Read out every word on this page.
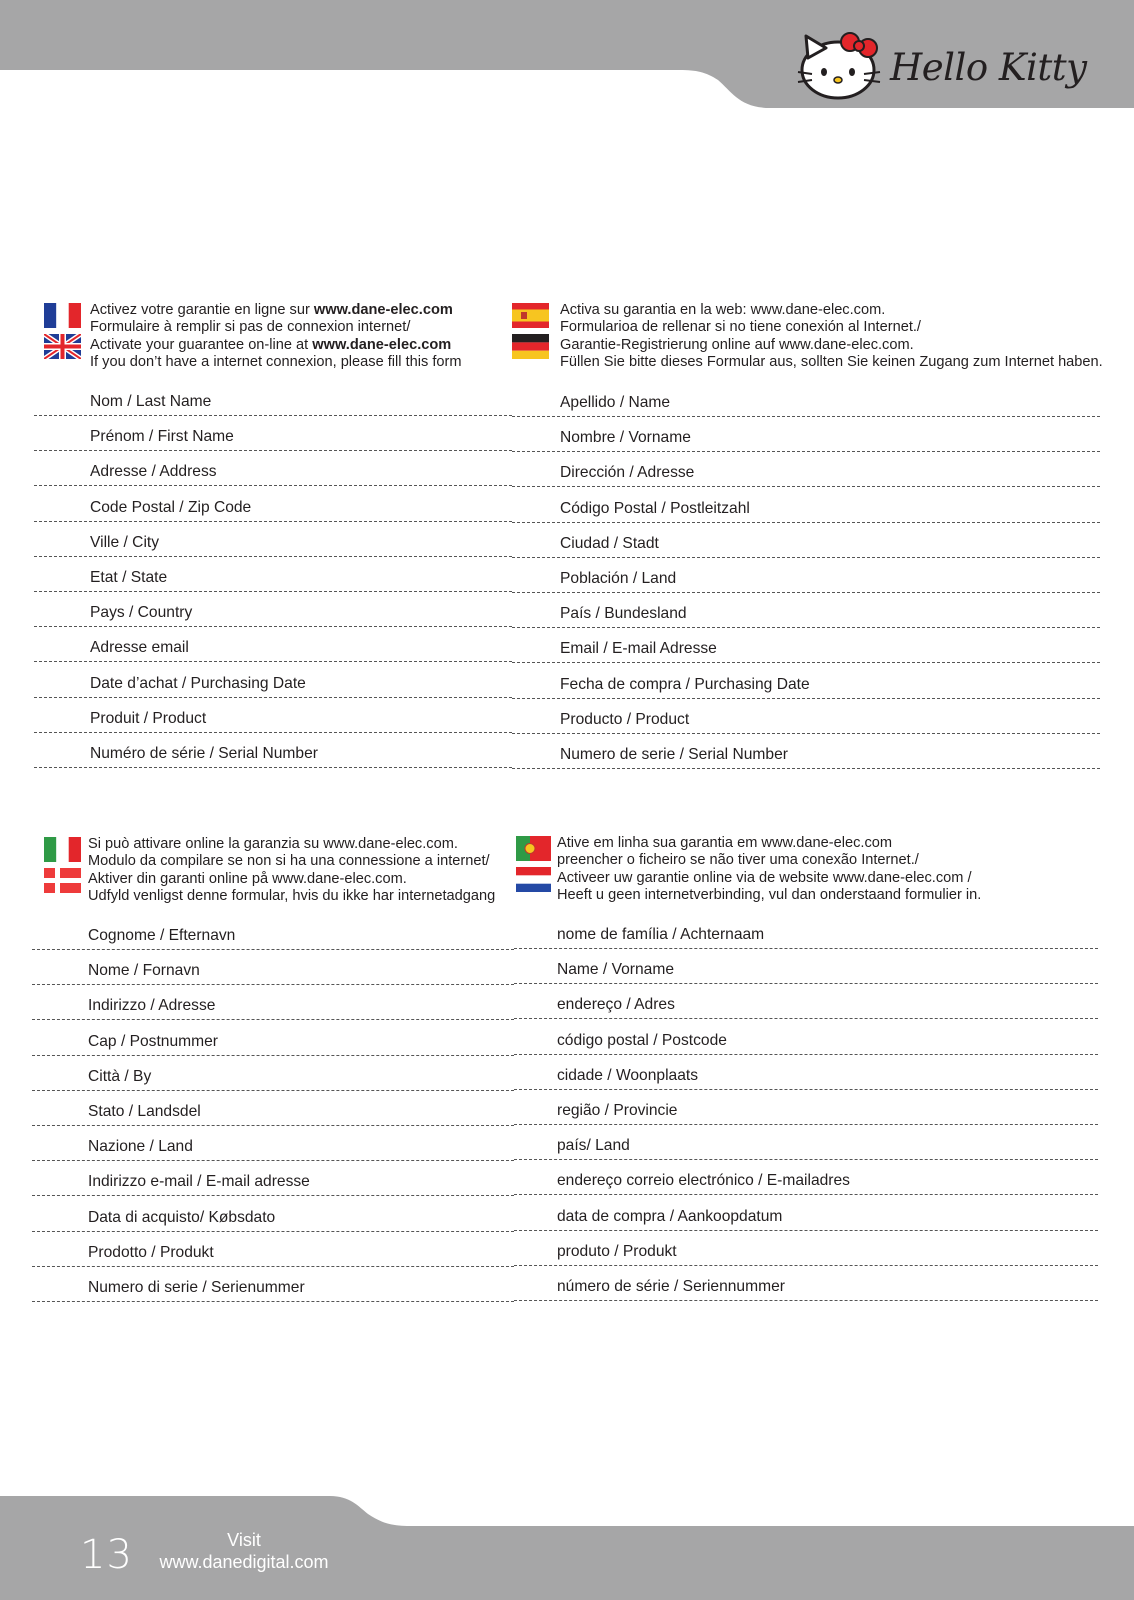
Hello Kitty
Activez votre garantie en ligne sur www.dane-elec.com
Formulaire à remplir si pas de connexion internet/
Activate your guarantee on-line at www.dane-elec.com
If you don’t have a internet connexion, please fill this form
Nom / Last Name
Prénom / First Name
Adresse / Address
Code Postal / Zip Code
Ville / City
Etat / State
Pays / Country
Adresse email
Date d’achat / Purchasing Date
Produit / Product
Numéro de série / Serial Number
Activa su garantia en la web: www.dane-elec.com.
Formularioa de rellenar si no tiene conexión al Internet./
Garantie-Registrierung online auf www.dane-elec.com.
Füllen Sie bitte dieses Formular aus, sollten Sie keinen Zugang zum Internet haben.
Apellido / Name
Nombre / Vorname
Dirección / Adresse
Código Postal / Postleitzahl
Ciudad / Stadt
Población / Land
País / Bundesland
Email / E-mail Adresse
Fecha de compra / Purchasing Date
Producto / Product
Numero de serie / Serial Number
Si può attivare online la garanzia su www.dane-elec.com.
Modulo da compilare se non si ha una connessione a internet/
Aktiver din garanti online på www.dane-elec.com.
Udfyld venligst denne formular, hvis du ikke har internetadgang
Cognome / Efternavn
Nome / Fornavn
Indirizzo / Adresse
Cap / Postnummer
Città / By
Stato / Landsdel
Nazione / Land
Indirizzo e-mail / E-mail adresse
Data di acquisto/ Købsdato
Prodotto / Produkt
Numero di serie / Serienummer
Ative em linha sua garantia em www.dane-elec.com
preencher o ficheiro se não tiver uma conexão Internet./
Activeer uw garantie online via de website www.dane-elec.com /
Heeft u geen internetverbinding, vul dan onderstaand formulier in.
nome de família / Achternaam
Name / Vorname
endereço / Adres
código postal / Postcode
cidade / Woonplaats
região / Provincie
país/ Land
endereço correio electrónico / E-mailadres
data de compra / Aankoopdatum
produto / Produkt
número de série / Seriennummer
13	Visit
www.danedigital.com
